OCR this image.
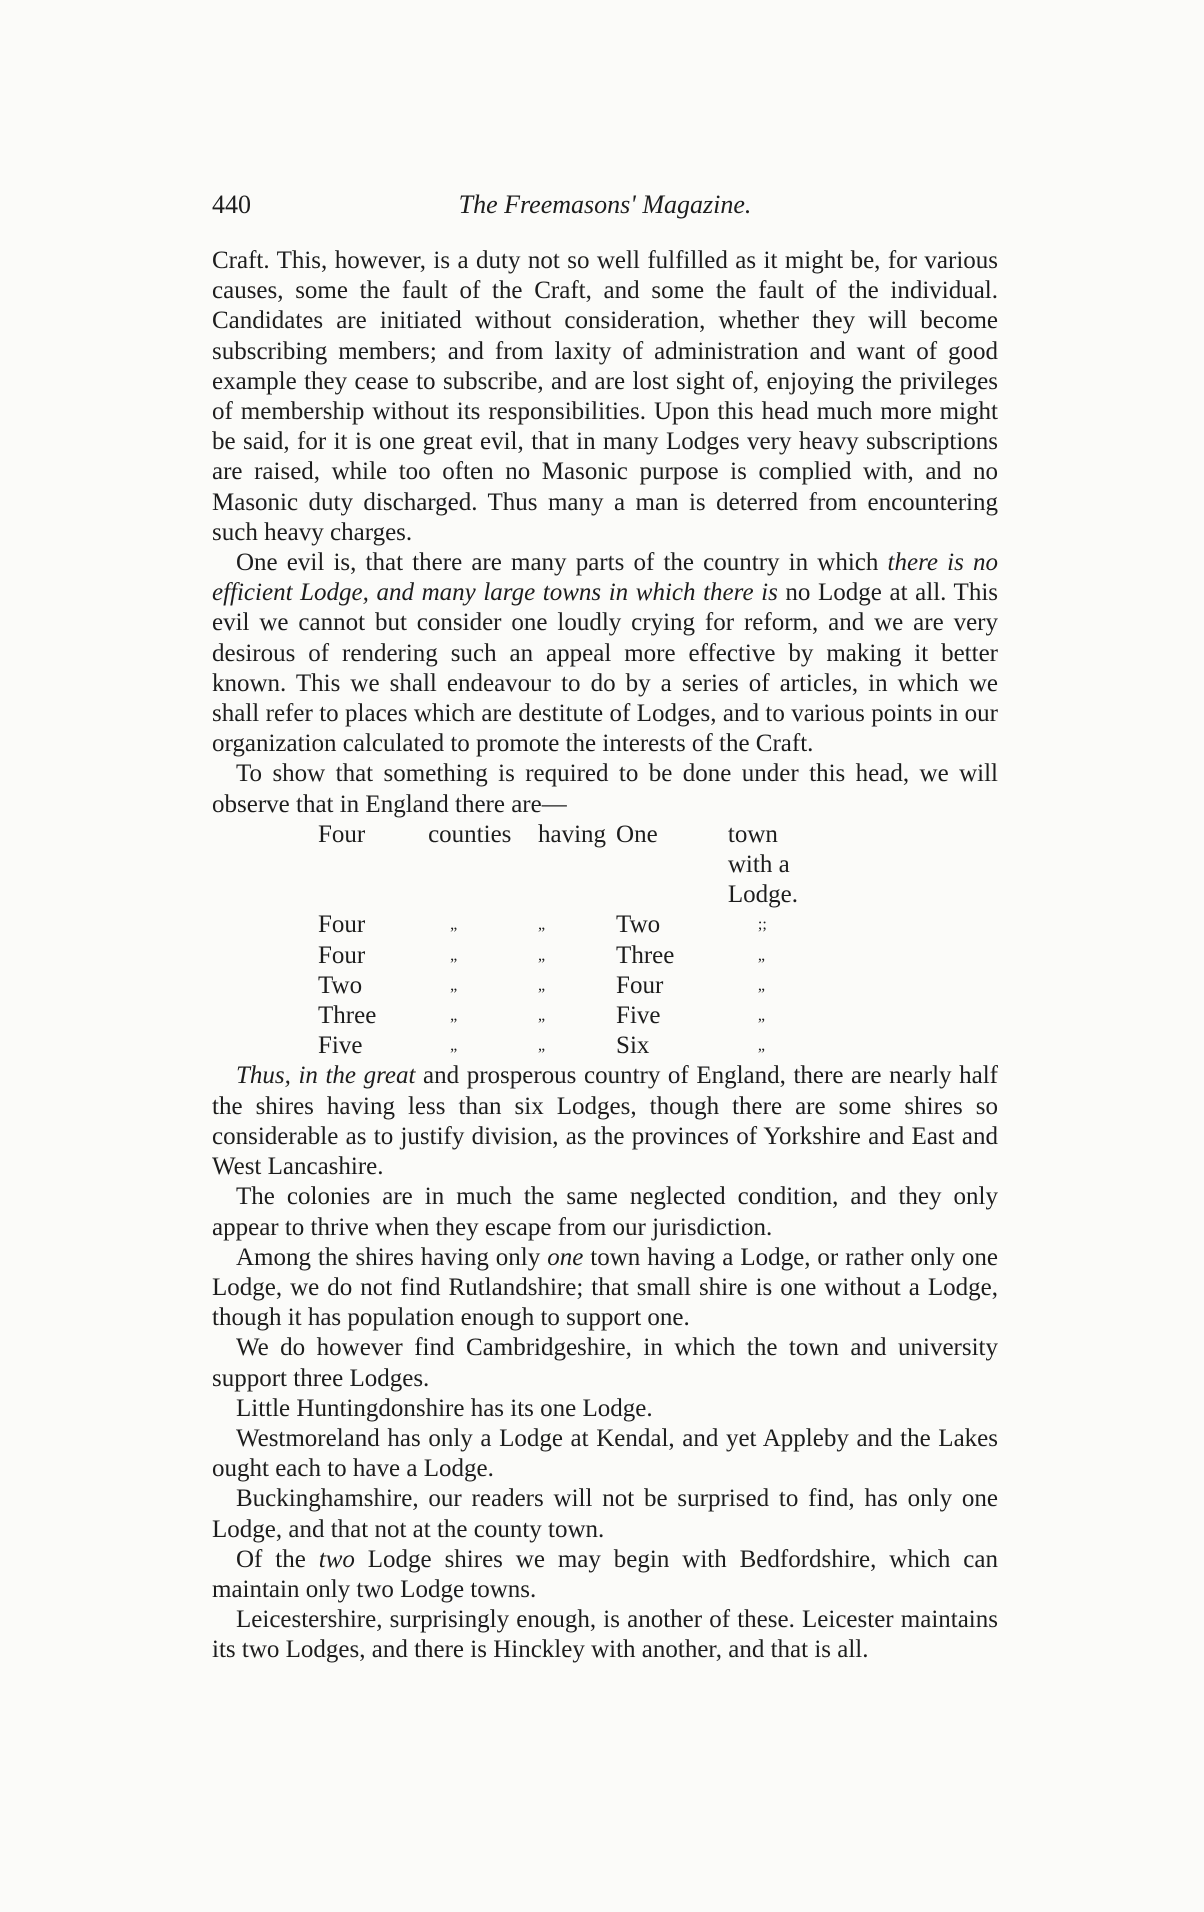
440	The Freemasons' Magazine.

Craft. This, however, is a duty not so well fulfilled as it might be, for various causes, some the fault of the Craft, and some the fault of the individual. Candidates are initiated without consideration, whether they will become subscribing members; and from laxity of administration and want of good example they cease to subscribe, and are lost sight of, enjoying the privileges of membership without its responsibilities. Upon this head much more might be said, for it is one great evil, that in many Lodges very heavy subscriptions are raised, while too often no Masonic purpose is complied with, and no Masonic duty discharged. Thus many a man is deterred from encountering such heavy charges.

One evil is, that there are many parts of the country in which there is no efficient Lodge, and many large towns in which there is no Lodge at all. This evil we cannot but consider one loudly crying for reform, and we are very desirous of rendering such an appeal more effective by making it better known. This we shall endeavour to do by a series of articles, in which we shall refer to places which are destitute of Lodges, and to various points in our organization calculated to promote the interests of the Craft.

To show that something is required to be done under this head, we will observe that in England there are—

Four	counties	having	One	town with a Lodge.
Four	„	„	Two	;;
Four	„	„	Three	„
Two	„	„	Four	„
Three	„	„	Five	„
Five	„	„	Six	„

Thus, in the great and prosperous country of England, there are nearly half the shires having less than six Lodges, though there are some shires so considerable as to justify division, as the provinces of Yorkshire and East and West Lancashire.

The colonies are in much the same neglected condition, and they only appear to thrive when they escape from our jurisdiction.

Among the shires having only one town having a Lodge, or rather only one Lodge, we do not find Rutlandshire; that small shire is one without a Lodge, though it has population enough to support one.

We do however find Cambridgeshire, in which the town and university support three Lodges.

Little Huntingdonshire has its one Lodge.

Westmoreland has only a Lodge at Kendal, and yet Appleby and the Lakes ought each to have a Lodge.

Buckinghamshire, our readers will not be surprised to find, has only one Lodge, and that not at the county town.

Of the two Lodge shires we may begin with Bedfordshire, which can maintain only two Lodge towns.

Leicestershire, surprisingly enough, is another of these. Leicester maintains its two Lodges, and there is Hinckley with another, and that is all.
